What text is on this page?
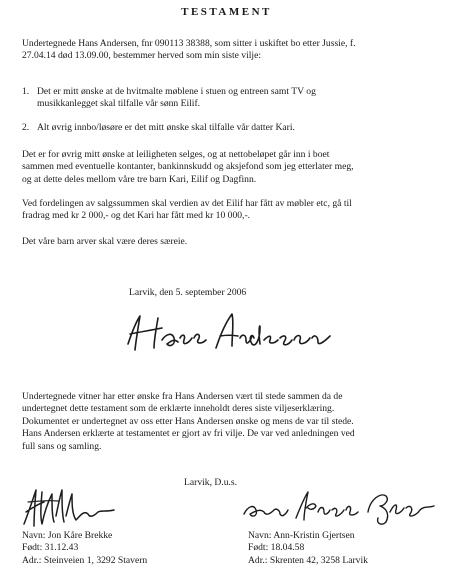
TESTAMENT
Undertegnede Hans Andersen, fnr 090113 38388, som sitter i uskiftet bo etter Jussie, f.
27.04.14 død 13.09.00, bestemmer herved som min siste vilje:
1. Det er mitt ønske at de hvitmalte møblene i stuen og entreen samt TV og
musikkanlegget skal tilfalle vår sønn Eilif.
2. Alt øvrig innbo/løsøre er det mitt ønske skal tilfalle vår datter Kari.
Det er for øvrig mitt ønske at leiligheten selges, og at nettobeløpet går inn i boet
sammen med eventuelle kontanter, bankinnskudd og aksjefond som jeg etterlater meg,
og at dette deles mellom våre tre barn Kari, Eilif og Dagfinn.
Ved fordelingen av salgssummen skal verdien av det Eilif har fått av møbler etc, gå til
fradrag med kr 2 000,- og det Kari har fått med kr 10 000,-.
Det våre barn arver skal være deres særeie.
Larvik, den 5. september 2006
Undertegnede vitner har etter ønske fra Hans Andersen vært til stede sammen da de
undertegnet dette testament som de erklærte inneholdt deres siste viljeserklæring.
Dokumentet er undertegnet av oss etter Hans Andersen ønske og mens de var til stede.
Hans Andersen erklærte at testamentet er gjort av fri vilje. De var ved anledningen ved
full sans og samling.
Larvik, D.u.s.
Navn: Jon Kåre Brekke
Født: 31.12.43
Adr.: Steinveien 1, 3292 Stavern
Navn: Ann-Kristin Gjertsen
Født: 18.04.58
Adr.: Skrenten 42, 3258 Larvik
